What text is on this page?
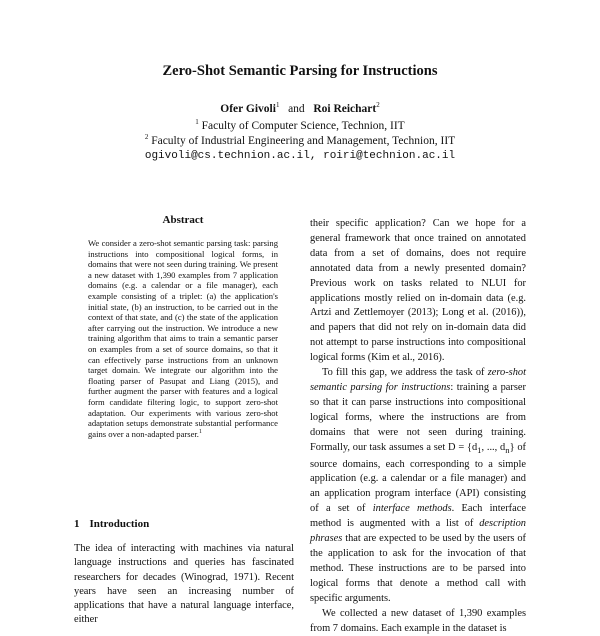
Zero-Shot Semantic Parsing for Instructions
Ofer Givoli$^1$ and Roi Reichart$^2$
$^1$ Faculty of Computer Science, Technion, IIT
$^2$ Faculty of Industrial Engineering and Management, Technion, IIT
ogivoli@cs.technion.ac.il, roiri@technion.ac.il
Abstract
We consider a zero-shot semantic parsing task: parsing instructions into compositional logical forms, in domains that were not seen during training. We present a new dataset with 1,390 examples from 7 application domains (e.g. a calendar or a file manager), each example consisting of a triplet: (a) the application's initial state, (b) an instruction, to be carried out in the context of that state, and (c) the state of the application after carrying out the instruction. We introduce a new training algorithm that aims to train a semantic parser on examples from a set of source domains, so that it can effectively parse instructions from an unknown target domain. We integrate our algorithm into the floating parser of Pasupat and Liang (2015), and further augment the parser with features and a logical form candidate filtering logic, to support zero-shot adaptation. Our experiments with various zero-shot adaptation setups demonstrate substantial performance gains over a non-adapted parser.$^1$
1 Introduction
The idea of interacting with machines via natural language instructions and queries has fascinated researchers for decades (Winograd, 1971). Recent years have seen an increasing number of applications that have a natural language interface, either

their specific application? Can we hope for a general framework that once trained on annotated data from a set of domains, does not require annotated data from a newly presented domain? Previous work on tasks related to NLUI for applications mostly relied on in-domain data (e.g. Artzi and Zettlemoyer (2013); Long et al. (2016)), and papers that did not rely on in-domain data did not attempt to parse instructions into compositional logical forms (Kim et al., 2016).

To fill this gap, we address the task of zero-shot semantic parsing for instructions: training a parser so that it can parse instructions into compositional logical forms, where the instructions are from domains that were not seen during training. Formally, our task assumes a set $D = \{d_1$, ..., $d_n$} of source domains, each corresponding to a simple application (e.g. a calendar or a file manager) and an application program interface (API) consisting of a set of interface methods. Each interface method is augmented with a list of description phrases that are expected to be used by the users of the application to ask for the invocation of that method. These instructions are to be parsed into logical forms that denote a method call with specific arguments.

We collected a new dataset of 1,390 examples from 7 domains. Each example in the dataset is
